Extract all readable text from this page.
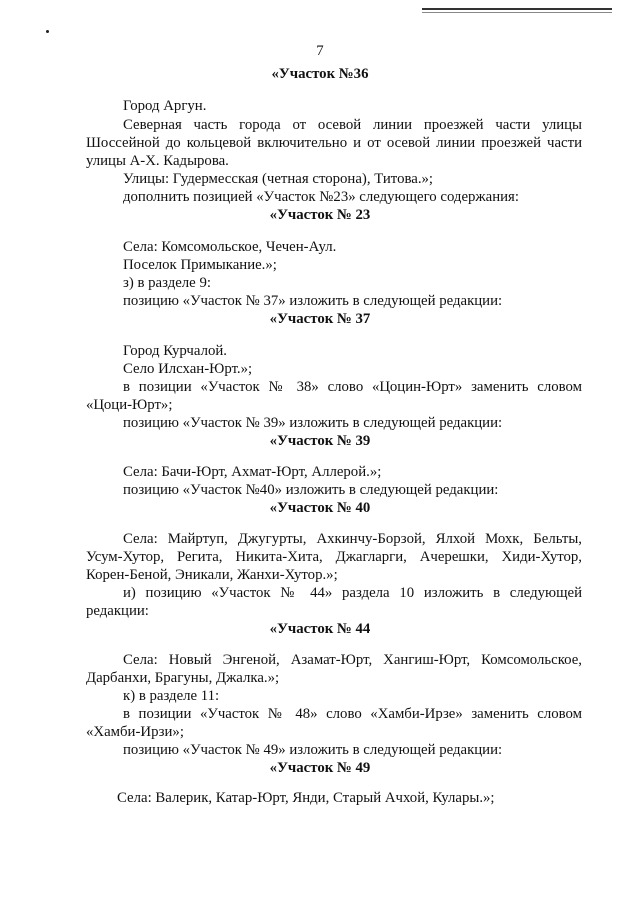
7
«Участок №36
Город Аргун.
Северная часть города от осевой линии проезжей части улицы
Шоссейной до кольцевой включительно и от осевой линии проезжей части
улицы А-Х. Кадырова.
Улицы: Гудермесская (четная сторона), Титова.»;
дополнить позицией «Участок №23» следующего содержания:
«Участок № 23
Села: Комсомольское, Чечен-Аул.
Поселок Примыкание.»;
з) в разделе 9:
позицию «Участок № 37» изложить в следующей редакции:
«Участок № 37
Город Курчалой.
Село Илсхан-Юрт.»;
в позиции «Участок № 38» слово «Цоцин-Юрт» заменить словом
«Цоци-Юрт»;
позицию «Участок № 39» изложить в следующей редакции:
«Участок № 39
Села: Бачи-Юрт, Ахмат-Юрт, Аллерой.»;
позицию «Участок №40» изложить в следующей редакции:
«Участок № 40
Села: Майртуп, Джугурты, Ахкинчу-Борзой, Ялхой Мохк, Бельты,
Усум-Хутор, Регита, Никита-Хита, Джагларги, Ачерешки, Хиди-Хутор,
Корен-Беной, Эникали, Жанхи-Хутор.»;
и) позицию «Участок № 44» раздела 10 изложить в следующей
редакции:
«Участок № 44
Села: Новый Энгеной, Азамат-Юрт, Хангиш-Юрт, Комсомольское,
Дарбанхи, Брагуны, Джалка.»;
к) в разделе 11:
в позиции «Участок № 48» слово «Хамби-Ирзе» заменить словом
«Хамби-Ирзи»;
позицию «Участок № 49» изложить в следующей редакции:
«Участок № 49
Села: Валерик, Катар-Юрт, Янди, Старый Ачхой, Кулары.»;
